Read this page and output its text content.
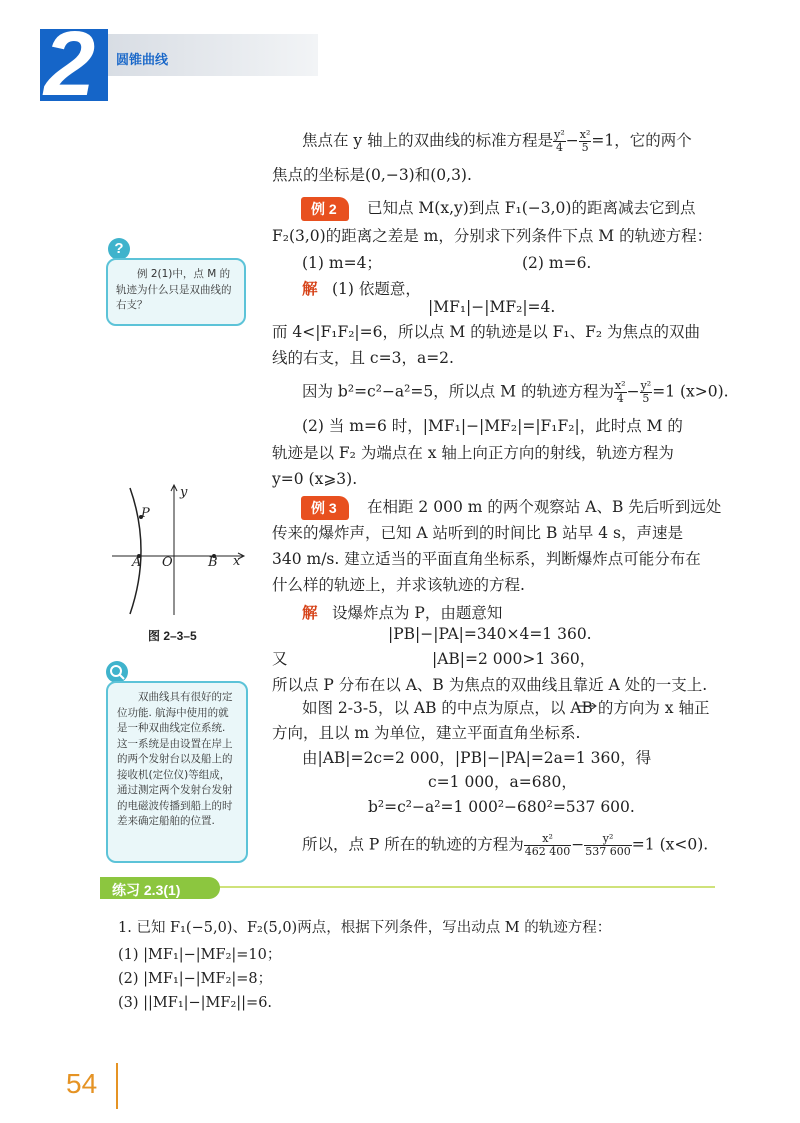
2 圆锥曲线
焦点在 y 轴上的双曲线的标准方程是 $\frac{\text{y²}}{4} - \frac{\text{x²}}{5} =1$，它的两个
焦点的坐标是(0,−3)和(0,3).
例 2	已知点 M(x,y)到点 F₁(−3,0)的距离减去它到点
F₂(3,0)的距离之差是 m，分别求下列条件下点 M 的轨迹方程：
(1) m=4；	(2) m=6.
解 (1) 依题意，
|MF₁|−|MF₂|=4.
而 4<|F₁F₂|=6，所以点 M 的轨迹是以 F₁、F₂ 为焦点的双曲
线的右支，且 c=3，a=2.
因为 b²=c²−a²=5，所以点 M 的轨迹方程为 $\frac{\text{x²}}{4} - \frac{\text{y²}}{5} =1$ (x>0).
(2) 当 m=6 时，|MF₁|−|MF₂|=|F₁F₂|，此时点 M 的
轨迹是以 F₂ 为端点在 x 轴上向正方向的射线，轨迹方程为
y=0 (x⩾3).
例 3	在相距 2 000 m 的两个观察站 A、B 先后听到远处
传来的爆炸声，已知 A 站听到的时间比 B 站早 4 s，声速是
340 m/s. 建立适当的平面直角坐标系，判断爆炸点可能分布在
什么样的轨迹上，并求该轨迹的方程.
解 设爆炸点为 P，由题意知
|PB|−|PA|=340×4=1 360.
又	|AB|=2 000>1 360，
所以点 P 分布在以 A、B 为焦点的双曲线且靠近 A 处的一支上.
如图 2-3-5，以 AB 的中点为原点，以 AB 的方向为 x 轴正
方向，且以 m 为单位，建立平面直角坐标系.
由|AB|=2c=2 000，|PB|−|PA|=2a=1 360，得
c=1 000，a=680，
b²=c²−a²=1 000²−680²=537 600.
所以，点 P 所在的轨迹的方程为 $\frac{\text{x²}}{462 400} - \frac{\text{y²}}{537 600} =1$ (x<0).
?
例 2(1)中，点 M 的轨迹为什么只是双曲线的右支？
y
P
A O	B x
图 2–3–5
双曲线具有很好的定位功能. 航海中使用的就是一种双曲线定位系统. 这一系统是由设置在岸上的两个发射台以及船上的接收机(定位仪)等组成，通过测定两个发射台发射的电磁波传播到船上的时差来确定船舶的位置.
练习 2.3(1)
1. 已知 F₁(−5,0)、F₂(5,0)两点，根据下列条件，写出动点 M 的轨迹方程：
(1) |MF₁|−|MF₂|=10；
(2) |MF₁|−|MF₂|=8；
(3) ||MF₁|−|MF₂||=6.
54
